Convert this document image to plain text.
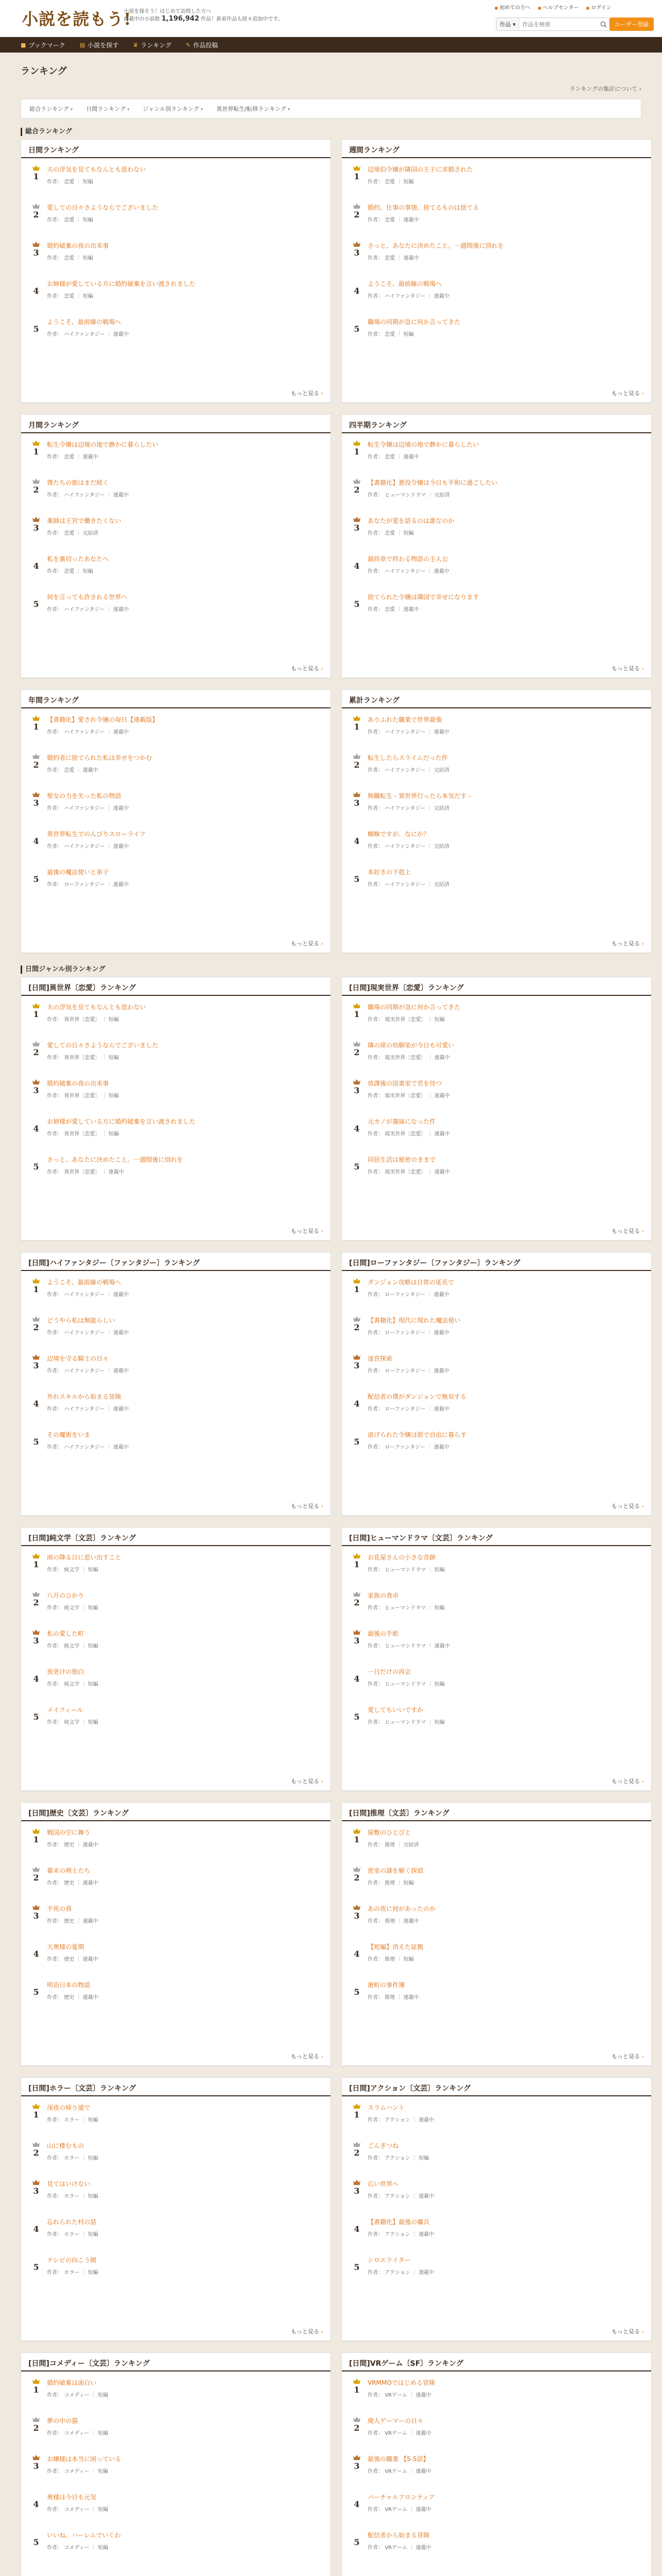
小説を読もう!
小説を探そう！はじめて訪問した方へ
掲載中の小説数 1,196,942 作品！新着作品も続々追加中です。
● 初めての方へ	● ヘルプセンター	● ログイン
作品 ▾
作品を検索	ユーザー登録
■ ブックマーク	▤ 小説を探す	♛ ランキング	✎ 作品投稿
ランキング
ランキングの集計について ›
総合ランキング ▾	日間ランキング ▾	ジャンル別ランキング ▾	異世界転生/転移ランキング ▾
総合ランキング
日間ランキング
1
夫の浮気を見てもなんとも思わない
作者： 恋愛 ｜ 短編
2
愛しての日々さようならでございました
作者： 恋愛 ｜ 短編
3
婚約破棄の夜の出来事
作者： 恋愛 ｜ 短編
4
お姉様が愛している方に婚約破棄を言い渡されました
作者： 恋愛 ｜ 短編
5
ようこそ、最前線の戦場へ
作者： ハイファンタジー ｜ 連載中
もっと見る ›
週間ランキング
1
辺境伯令嬢が隣国の王子に求婚された
作者： 恋愛 ｜ 短編
2
婚約、仕事の事情、捨てるものは捨てる
作者： 恋愛 ｜ 連載中
3
さっと、あなたに決めたこと。一週間後に別れを
作者： 恋愛 ｜ 連載中
4
ようこそ、最前線の戦場へ
作者： ハイファンタジー ｜ 連載中
5
職場の同期が急に何か言ってきた
作者： 恋愛 ｜ 短編
もっと見る ›
月間ランキング
1
転生令嬢は辺境の地で静かに暮らしたい
作者： 恋愛 ｜ 連載中
2
僕たちの旅はまだ続く
作者： ハイファンタジー ｜ 連載中
3
薬師は王宮で働きたくない
作者： 恋愛 ｜ 完結済
4
私を裏切ったあなたへ
作者： 恋愛 ｜ 短編
5
何を言っても許される世界へ
作者： ハイファンタジー ｜ 連載中
もっと見る ›
四半期ランキング
1
転生令嬢は辺境の地で静かに暮らしたい
作者： 恋愛 ｜ 連載中
2
【書籍化】悪役令嬢は今日も平和に過ごしたい
作者： ヒューマンドラマ ｜ 完結済
3
あなたが愛を語るのは誰なのか
作者： 恋愛 ｜ 短編
4
最終章で終わる物語の主人公
作者： ハイファンタジー ｜ 連載中
5
捨てられた令嬢は隣国で幸せになります
作者： 恋愛 ｜ 連載中
もっと見る ›
年間ランキング
1
【書籍化】愛され令嬢の毎日【連載版】
作者： ハイファンタジー ｜ 連載中
2
婚約者に捨てられた私は幸せをつかむ
作者： 恋愛 ｜ 連載中
3
聖女の力を失った私の物語
作者： ハイファンタジー ｜ 連載中
4
異世界転生でのんびりスローライフ
作者： ハイファンタジー ｜ 連載中
5
最後の魔法使いと弟子
作者： ローファンタジー ｜ 連載中
もっと見る ›
累計ランキング
1
ありふれた職業で世界最強
作者： ハイファンタジー ｜ 連載中
2
転生したらスライムだった件
作者： ハイファンタジー ｜ 完結済
3
無職転生 - 異世界行ったら本気だす -
作者： ハイファンタジー ｜ 完結済
4
蜘蛛ですが、なにか？
作者： ハイファンタジー ｜ 完結済
5
本好きの下剋上
作者： ハイファンタジー ｜ 完結済
もっと見る ›
日間ジャンル別ランキング
[日間]異世界〔恋愛〕ランキング
1
夫の浮気を見てもなんとも思わない
作者： 異世界〔恋愛〕 ｜ 短編
2
愛しての日々さようならでございました
作者： 異世界〔恋愛〕 ｜ 短編
3
婚約破棄の夜の出来事
作者： 異世界〔恋愛〕 ｜ 短編
4
お姉様が愛している方に婚約破棄を言い渡されました
作者： 異世界〔恋愛〕 ｜ 短編
5
さっと、あなたに決めたこと。一週間後に別れを
作者： 異世界〔恋愛〕 ｜ 連載中
もっと見る ›
[日間]現実世界〔恋愛〕ランキング
1
職場の同期が急に何か言ってきた
作者： 現実世界〔恋愛〕 ｜ 短編
2
隣の席の幼馴染が今日も可愛い
作者： 現実世界〔恋愛〕 ｜ 連載中
3
放課後の図書室で君を待つ
作者： 現実世界〔恋愛〕 ｜ 連載中
4
元カノが義妹になった件
作者： 現実世界〔恋愛〕 ｜ 連載中
5
同居生活は秘密のままで
作者： 現実世界〔恋愛〕 ｜ 連載中
もっと見る ›
[日間]ハイファンタジー〔ファンタジー〕ランキング
1
ようこそ、最前線の戦場へ
作者： ハイファンタジー ｜ 連載中
2
どうやら私は無能らしい
作者： ハイファンタジー ｜ 連載中
3
辺境を守る騎士の日々
作者： ハイファンタジー ｜ 連載中
4
外れスキルから始まる冒険
作者： ハイファンタジー ｜ 連載中
5
その魔術をいま
作者： ハイファンタジー ｜ 連載中
もっと見る ›
[日間]ローファンタジー〔ファンタジー〕ランキング
1
ダンジョン攻略は日常の延長で
作者： ローファンタジー ｜ 連載中
2
【書籍化】現代に現れた魔法使い
作者： ローファンタジー ｜ 連載中
3
迷宮探索
作者： ローファンタジー ｜ 連載中
4
配信者の僕がダンジョンで無双する
作者： ローファンタジー ｜ 連載中
5
虐げられた令嬢は街で自由に暮らす
作者： ローファンタジー ｜ 連載中
もっと見る ›
[日間]純文学〔文芸〕ランキング
1
雨の降る日に思い出すこと
作者： 純文学 ｜ 短編
2
八月のひかり
作者： 純文学 ｜ 短編
3
私の愛した町
作者： 純文学 ｜ 短編
4
夜更けの独白
作者： 純文学 ｜ 短編
5
メイフィール
作者： 純文学 ｜ 短編
もっと見る ›
[日間]ヒューマンドラマ〔文芸〕ランキング
1
お花屋さんの小さな奇跡
作者： ヒューマンドラマ ｜ 短編
2
家族の食卓
作者： ヒューマンドラマ ｜ 短編
3
最後の手紙
作者： ヒューマンドラマ ｜ 連載中
4
一日だけの再会
作者： ヒューマンドラマ ｜ 短編
5
愛してもいいですか
作者： ヒューマンドラマ ｜ 短編
もっと見る ›
[日間]歴史〔文芸〕ランキング
1
戦国の空に舞う
作者： 歴史 ｜ 連載中
2
幕末の剣士たち
作者： 歴史 ｜ 連載中
3
不死の将
作者： 歴史 ｜ 連載中
4
大奥様の夏期
作者： 歴史 ｜ 連載中
5
明治日本の物語
作者： 歴史 ｜ 連載中
もっと見る ›
[日間]推理〔文芸〕ランキング
1
屋敷のひとびと
作者： 推理 ｜ 完結済
2
密室の謎を解く探偵
作者： 推理 ｜ 短編
3
あの夜に何があったのか
作者： 推理 ｜ 連載中
4
【短編】消えた証拠
作者： 推理 ｜ 短編
5
港町の事件簿
作者： 推理 ｜ 連載中
もっと見る ›
[日間]ホラー〔文芸〕ランキング
1
深夜の帰り道で
作者： ホラー ｜ 短編
2
山に棲むもの
作者： ホラー ｜ 短編
3
見てはいけない
作者： ホラー ｜ 短編
4
忘れられた村の話
作者： ホラー ｜ 短編
5
テレビの向こう側
作者： ホラー ｜ 短編
もっと見る ›
[日間]アクション〔文芸〕ランキング
1
スラムハント
作者： アクション ｜ 連載中
2
ごんぎつね
作者： アクション ｜ 短編
3
広い世界へ
作者： アクション ｜ 連載中
4
【書籍化】最強の傭兵
作者： アクション ｜ 連載中
5
シロエライター
作者： アクション ｜ 連載中
もっと見る ›
[日間]コメディー〔文芸〕ランキング
1
婚約破棄は面白い
作者： コメディー ｜ 短編
2
夢の中の猫
作者： コメディー ｜ 短編
3
お嬢様は本当に困っている
作者： コメディー ｜ 短編
4
奥様は今日も元気
作者： コメディー ｜ 短編
5
いいね、ハーレムでいくわ
作者： コメディー ｜ 短編
[日間]VRゲーム〔SF〕ランキング
1
VRMMOではじめる冒険
作者： VRゲーム ｜ 連載中
2
廃人ゲーマーの日々
作者： VRゲーム ｜ 連載中
3
最強の職業 【5-5話】
作者： VRゲーム ｜ 連載中
4
バーチャルフロンティア
作者： VRゲーム ｜ 連載中
5
配信者から始まる冒険
作者： VRゲーム ｜ 連載中
